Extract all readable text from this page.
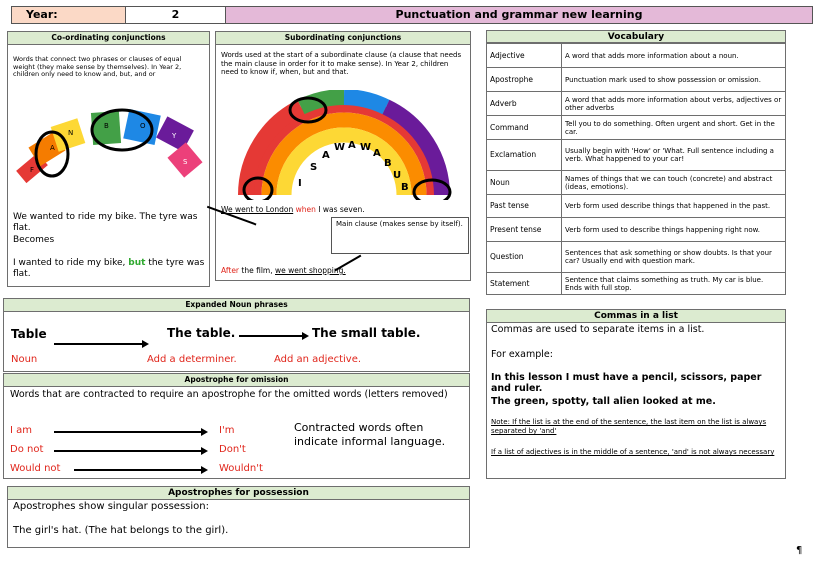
Year:	2	Punctuation and grammar new learning
Co-ordinating conjunctions
Words that connect two phrases or clauses of equal weight (they make sense by themselves). In Year 2, children only need to know and, but, and or
F
A
N
B	O
Y
S
We wanted to ride my bike. The tyre was flat.
Becomes
I wanted to ride my bike, but the tyre was flat.
Subordinating conjunctions
Words used at the start of a subordinate clause (a clause that needs the main clause in order for it to make sense). In Year 2, children need to know if, when, but and that.
I
S
A
W A W
A
B
U
B
We went to London when I was seven.
Main clause (makes sense by itself).
After the film, we went shopping.
Vocabulary
Adjective	A word that adds more information about a noun.
Apostrophe	Punctuation mark used to show possession or omission.
Adverb	A word that adds more information about verbs, adjectives or other adverbs
Command	Tell you to do something. Often urgent and short. Get in the car.
Exclamation	Usually begin with 'How' or 'What. Full sentence including a verb. What happened to your car!
Noun	Names of things that we can touch (concrete) and abstract (ideas, emotions).
Past tense	Verb form used describe things that happened in the past.
Present tense	Verb form used to describe things happening right now.
Question	Sentences that ask something or show doubts. Is that your car? Usually end with question mark.
Statement	Sentence that claims something as truth. My car is blue. Ends with full stop.
Expanded Noun phrases
Table	The table.	The small table.
Noun	Add a determiner.	Add an adjective.
Apostrophe for omission
Words that are contracted to require an apostrophe for the omitted words (letters removed)
I am	I'm
Do not	Don't
Would not	Wouldn't
Contracted words often indicate informal language.
Apostrophes for possession
Apostrophes show singular possession:
The girl's hat. (The hat belongs to the girl).
Commas in a list
Commas are used to separate items in a list.
For example:
In this lesson I must have a pencil, scissors, paper and ruler.
The green, spotty, tall alien looked at me.
Note: If the list is at the end of the sentence, the last item on the list is always separated by 'and'
If a list of adjectives is in the middle of a sentence, 'and' is not always necessary
¶
